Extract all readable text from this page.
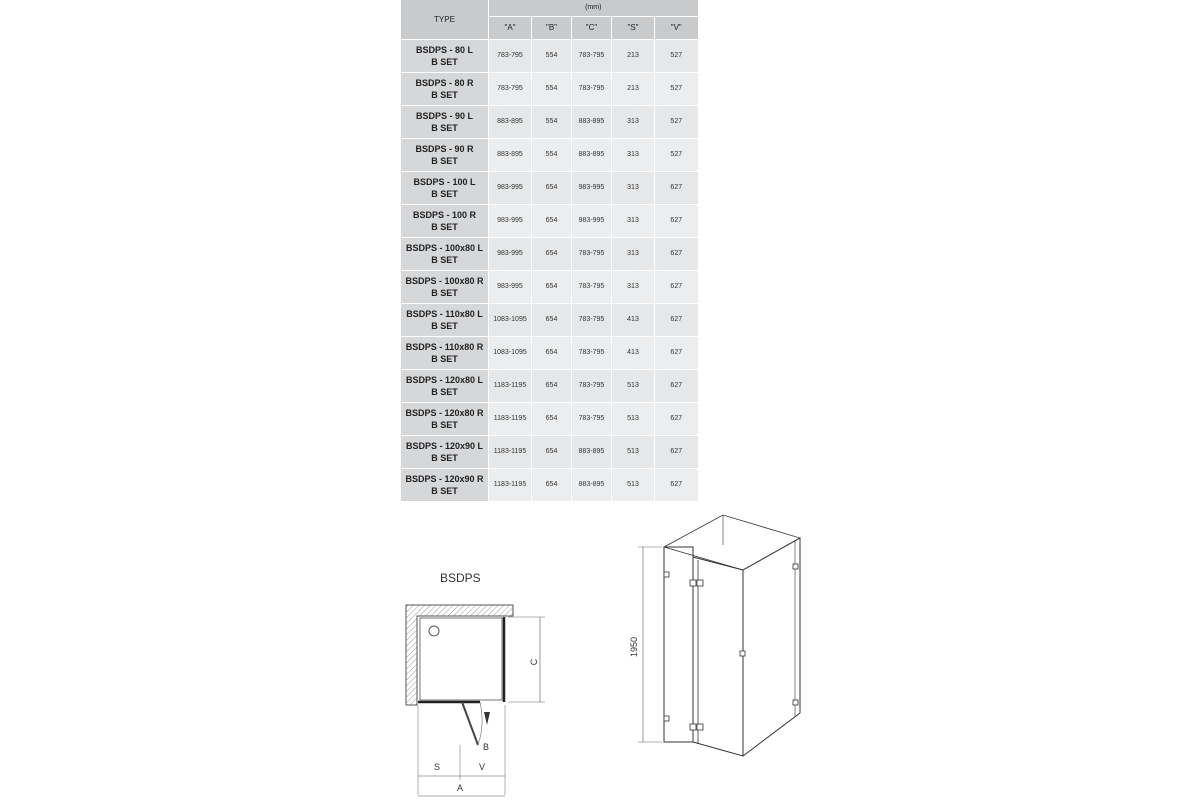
TYPE	(mm)				
	"A"	"B"	"C"	"S"	"V"

BSDPS - 80 L
B SET	783-795	554	783-795	213	527

BSDPS - 80 R
B SET	783-795	554	783-795	213	527

BSDPS - 90 L
B SET	883-895	554	883-895	313	527

BSDPS - 90 R
B SET	883-895	554	883-895	313	527

BSDPS - 100 L
B SET	983-995	654	983-995	313	627

BSDPS - 100 R
B SET	983-995	654	983-995	313	627

BSDPS - 100x80 L
B SET	983-995	654	783-795	313	627

BSDPS - 100x80 R
B SET	983-995	654	783-795	313	627

BSDPS - 110x80 L
B SET	1083-1095	654	783-795	413	627

BSDPS - 110x80 R
B SET	1083-1095	654	783-795	413	627

BSDPS - 120x80 L
B SET	1183-1195	654	783-795	513	627

BSDPS - 120x80 R
B SET	1183-1195	654	783-795	513	627

BSDPS - 120x90 L
B SET	1183-1195	654	883-895	513	627

BSDPS - 120x90 R
B SET	1183-1195	654	883-895	513	627
BSDPS
C
B
S	V
A
1950
